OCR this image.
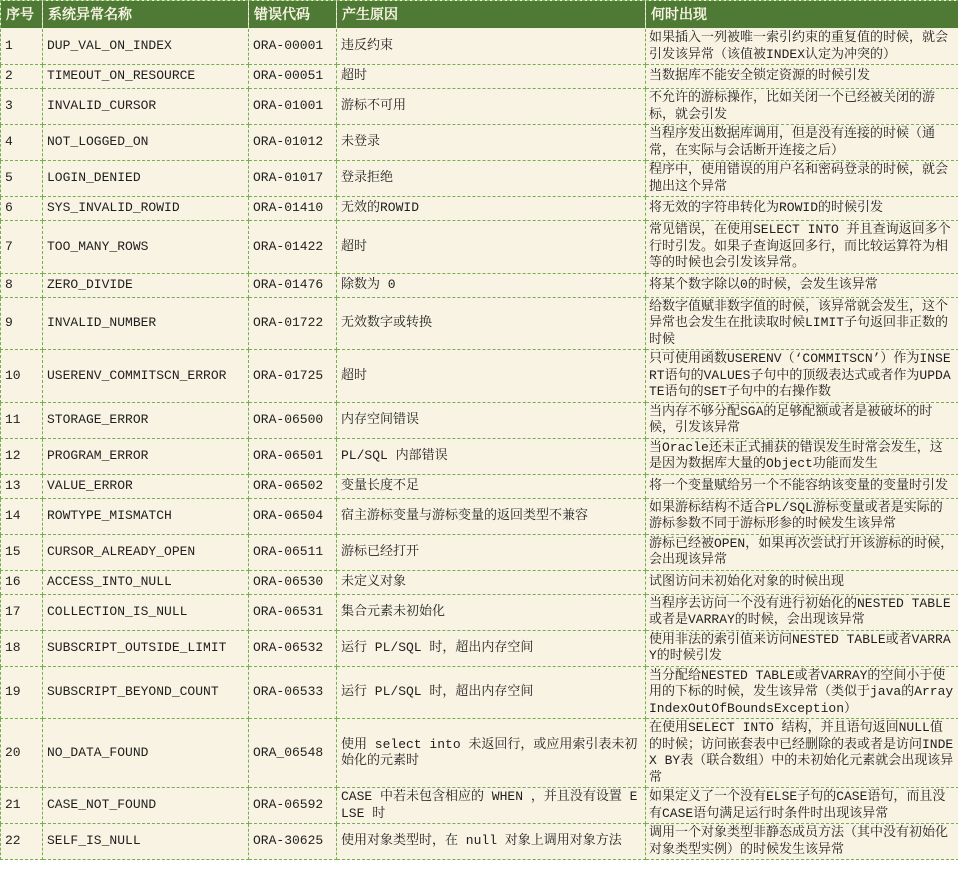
序号	系统异常名称	错误代码	产生原因	何时出现
1	DUP_VAL_ON_INDEX	ORA-00001	违反约束	如果插入一列被唯一索引约束的重复值的时候，就会引发该异常（该值被INDEX认定为冲突的）
2	TIMEOUT_ON_RESOURCE	ORA-00051	超时	当数据库不能安全锁定资源的时候引发
3	INVALID_CURSOR	ORA-01001	游标不可用	不允许的游标操作，比如关闭一个已经被关闭的游标，就会引发
4	NOT_LOGGED_ON	ORA-01012	未登录	当程序发出数据库调用，但是没有连接的时候（通常，在实际与会话断开连接之后）
5	LOGIN_DENIED	ORA-01017	登录拒绝	程序中，使用错误的用户名和密码登录的时候，就会抛出这个异常
6	SYS_INVALID_ROWID	ORA-01410	无效的ROWID	将无效的字符串转化为ROWID的时候引发
7	TOO_MANY_ROWS	ORA-01422	超时	常见错误，在使用SELECT INTO 并且查询返回多个行时引发。如果子查询返回多行，而比较运算符为相等的时候也会引发该异常。
8	ZERO_DIVIDE	ORA-01476	除数为 0	将某个数字除以0的时候，会发生该异常
9	INVALID_NUMBER	ORA-01722	无效数字或转换	给数字值赋非数字值的时候，该异常就会发生，这个异常也会发生在批读取时候LIMIT子句返回非正数的时候
10	USERENV_COMMITSCN_ERROR	ORA-01725	超时	只可使用函数USERENV（‘COMMITSCN’）作为INSERT语句的VALUES子句中的顶级表达式或者作为UPDATE语句的SET子句中的右操作数
11	STORAGE_ERROR	ORA-06500	内存空间错误	当内存不够分配SGA的足够配额或者是被破坏的时候，引发该异常
12	PROGRAM_ERROR	ORA-06501	PL/SQL 内部错误	当Oracle还未正式捕获的错误发生时常会发生，这是因为数据库大量的Object功能而发生
13	VALUE_ERROR	ORA-06502	变量长度不足	将一个变量赋给另一个不能容纳该变量的变量时引发
14	ROWTYPE_MISMATCH	ORA-06504	宿主游标变量与游标变量的返回类型不兼容	如果游标结构不适合PL/SQL游标变量或者是实际的游标参数不同于游标形参的时候发生该异常
15	CURSOR_ALREADY_OPEN	ORA-06511	游标已经打开	游标已经被OPEN，如果再次尝试打开该游标的时候，会出现该异常
16	ACCESS_INTO_NULL	ORA-06530	未定义对象	试图访问未初始化对象的时候出现
17	COLLECTION_IS_NULL	ORA-06531	集合元素未初始化	当程序去访问一个没有进行初始化的NESTED TABLE或者是VARRAY的时候，会出现该异常
18	SUBSCRIPT_OUTSIDE_LIMIT	ORA-06532	运行 PL/SQL 时，超出内存空间	使用非法的索引值来访问NESTED TABLE或者VARRAY的时候引发
19	SUBSCRIPT_BEYOND_COUNT	ORA-06533	运行 PL/SQL 时，超出内存空间	当分配给NESTED TABLE或者VARRAY的空间小于使用的下标的时候，发生该异常（类似于java的ArrayIndexOutOfBoundsException）
20	NO_DATA_FOUND	ORA_06548	使用 select into 未返回行，或应用索引表未初始化的元素时	在使用SELECT INTO 结构，并且语句返回NULL值的时候；访问嵌套表中已经删除的表或者是访问INDEX BY表（联合数组）中的未初始化元素就会出现该异常
21	CASE_NOT_FOUND	ORA-06592	CASE 中若未包含相应的 WHEN ，并且没有设置 ELSE 时	如果定义了一个没有ELSE子句的CASE语句，而且没有CASE语句满足运行时条件时出现该异常
22	SELF_IS_NULL	ORA-30625	使用对象类型时，在 null 对象上调用对象方法	调用一个对象类型非静态成员方法（其中没有初始化对象类型实例）的时候发生该异常
